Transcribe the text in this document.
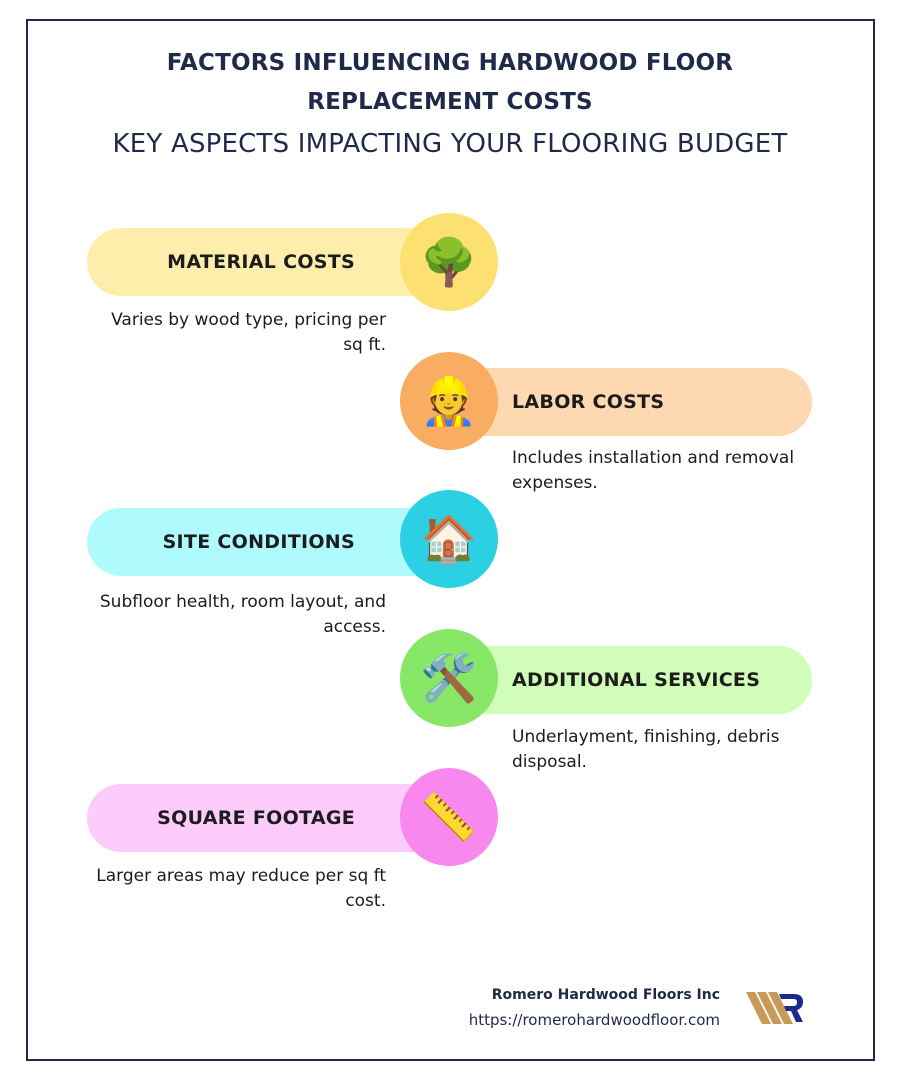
FACTORS INFLUENCING HARDWOOD FLOOR
REPLACEMENT COSTS
KEY ASPECTS IMPACTING YOUR FLOORING BUDGET
MATERIAL COSTS	🌳
Varies by wood type, pricing per sq ft.
LABOR COSTS
👷
Includes installation and removal expenses.
SITE CONDITIONS	🏠
Subfloor health, room layout, and access.
ADDITIONAL SERVICES
🛠️
Underlayment, finishing, debris disposal.
SQUARE FOOTAGE	📏
Larger areas may reduce per sq ft cost.
Romero Hardwood Floors Inc
https://romerohardwoodfloor.com
